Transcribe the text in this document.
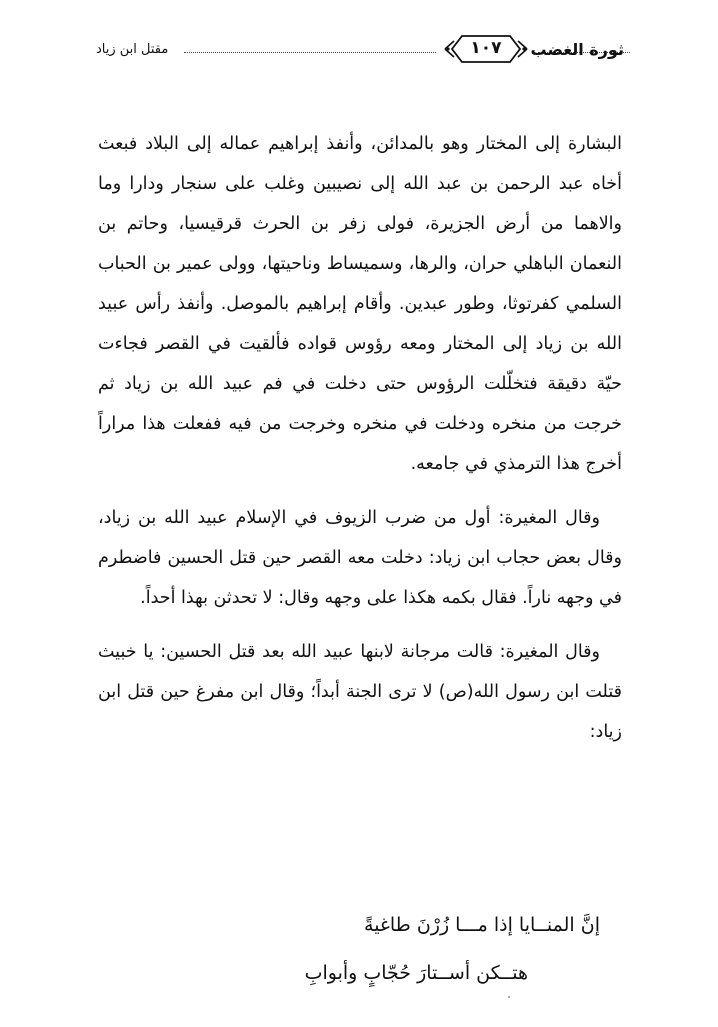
مقتل ابن زياد	١٠٧	ثورة الغضب

البشارة إلى المختار وهو بالمدائن، وأنفذ إبراهيم عماله إلى البلاد فبعث أخاه عبد الرحمن بن عبد الله إلى نصيبين وغلب على سنجار ودارا وما والاهما من أرض الجزيرة، فولى زفر بن الحرث قرقيسيا، وحاتم بن النعمان الباهلي حران، والرها، وسميساط وناحيتها، وولى عمير بن الحباب السلمي كفرتوثا، وطور عبدين. وأقام إبراهيم بالموصل. وأنفذ رأس عبيد الله بن زياد إلى المختار ومعه رؤوس قواده فألقيت في القصر فجاءت حيّة دقيقة فتخلّلت الرؤوس حتى دخلت في فم عبيد الله بن زياد ثم خرجت من منخره ودخلت في منخره وخرجت من فيه ففعلت هذا مراراً أخرج هذا الترمذي في جامعه.

وقال المغيرة: أول من ضرب الزيوف في الإسلام عبيد الله بن زياد، وقال بعض حجاب ابن زياد: دخلت معه القصر حين قتل الحسين فاضطرم في وجهه ناراً. فقال بكمه هكذا على وجهه وقال: لا تحدثن بهذا أحداً.

وقال المغيرة: قالت مرجانة لابنها عبيد الله بعد قتل الحسين: يا خبيث قتلت ابن رسول الله(ص) لا ترى الجنة أبداً؛ وقال ابن مفرغ حين قتل ابن زياد:

إنَّ المنــايا إذا مـــا زُرْنَ طاغيةً
هتــكن أســتارَ حُجّابٍ وأبوابِ
